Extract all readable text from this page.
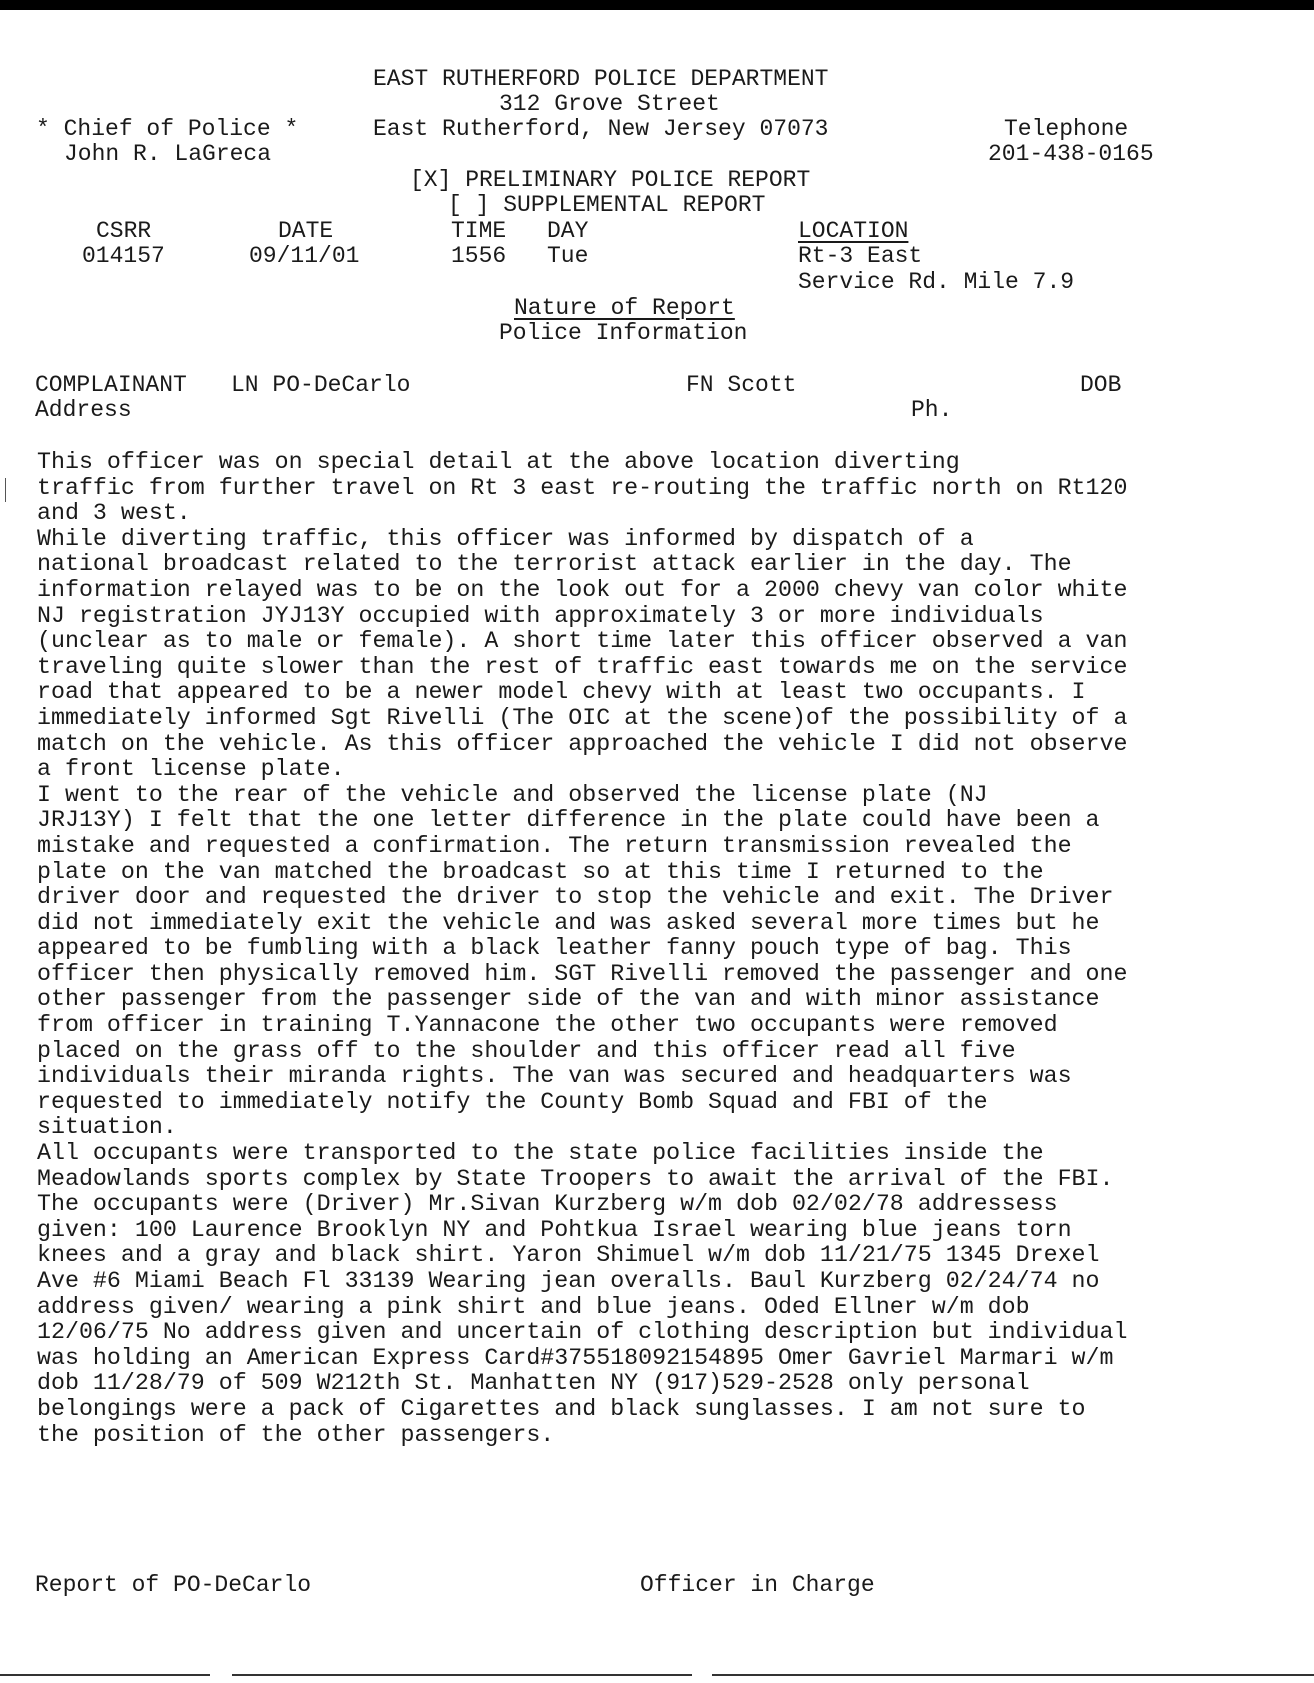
EAST RUTHERFORD POLICE DEPARTMENT
312 Grove Street
* Chief of Police *	East Rutherford, New Jersey 07073	Telephone
John R. LaGreca	201-438-0165
[X] PRELIMINARY POLICE REPORT
[ ] SUPPLEMENTAL REPORT
CSRR	DATE	TIME DAY	LOCATION
014157	09/11/01	1556 Tue	Rt-3 East
Service Rd. Mile 7.9
Nature of Report
Police Information
COMPLAINANT LN PO-DeCarlo	FN Scott	DOB
Address	Ph.

This officer was on special detail at the above location diverting
traffic from further travel on Rt 3 east re-routing the traffic north on Rt120
and 3 west.

While diverting traffic, this officer was informed by dispatch of a
national broadcast related to the terrorist attack earlier in the day. The
information relayed was to be on the look out for a 2000 chevy van color white
NJ registration JYJ13Y occupied with approximately 3 or more individuals
(unclear as to male or female). A short time later this officer observed a van
traveling quite slower than the rest of traffic east towards me on the service
road that appeared to be a newer model chevy with at least two occupants. I
immediately informed Sgt Rivelli (The OIC at the scene)of the possibility of a
match on the vehicle. As this officer approached the vehicle I did not observe
a front license plate.

I went to the rear of the vehicle and observed the license plate (NJ
JRJ13Y) I felt that the one letter difference in the plate could have been a
mistake and requested a confirmation. The return transmission revealed the
plate on the van matched the broadcast so at this time I returned to the
driver door and requested the driver to stop the vehicle and exit. The Driver
did not immediately exit the vehicle and was asked several more times but he
appeared to be fumbling with a black leather fanny pouch type of bag. This
officer then physically removed him. SGT Rivelli removed the passenger and one
other passenger from the passenger side of the van and with minor assistance
from officer in training T.Yannacone the other two occupants were removed
placed on the grass off to the shoulder and this officer read all five
individuals their miranda rights. The van was secured and headquarters was
requested to immediately notify the County Bomb Squad and FBI of the
situation.

All occupants were transported to the state police facilities inside the
Meadowlands sports complex by State Troopers to await the arrival of the FBI.
The occupants were (Driver) Mr.Sivan Kurzberg w/m dob 02/02/78 addressess
given: 100 Laurence Brooklyn NY and Pohtkua Israel wearing blue jeans torn
knees and a gray and black shirt. Yaron Shimuel w/m dob 11/21/75 1345 Drexel
Ave #6 Miami Beach Fl 33139 Wearing jean overalls. Baul Kurzberg 02/24/74 no
address given/ wearing a pink shirt and blue jeans. Oded Ellner w/m dob
12/06/75 No address given and uncertain of clothing description but individual
was holding an American Express Card#375518092154895 Omer Gavriel Marmari w/m
dob 11/28/79 of 509 W212th St. Manhatten NY (917)529-2528 only personal
belongings were a pack of Cigarettes and black sunglasses. I am not sure to
the position of the other passengers.

Report of PO-DeCarlo	Officer in Charge
